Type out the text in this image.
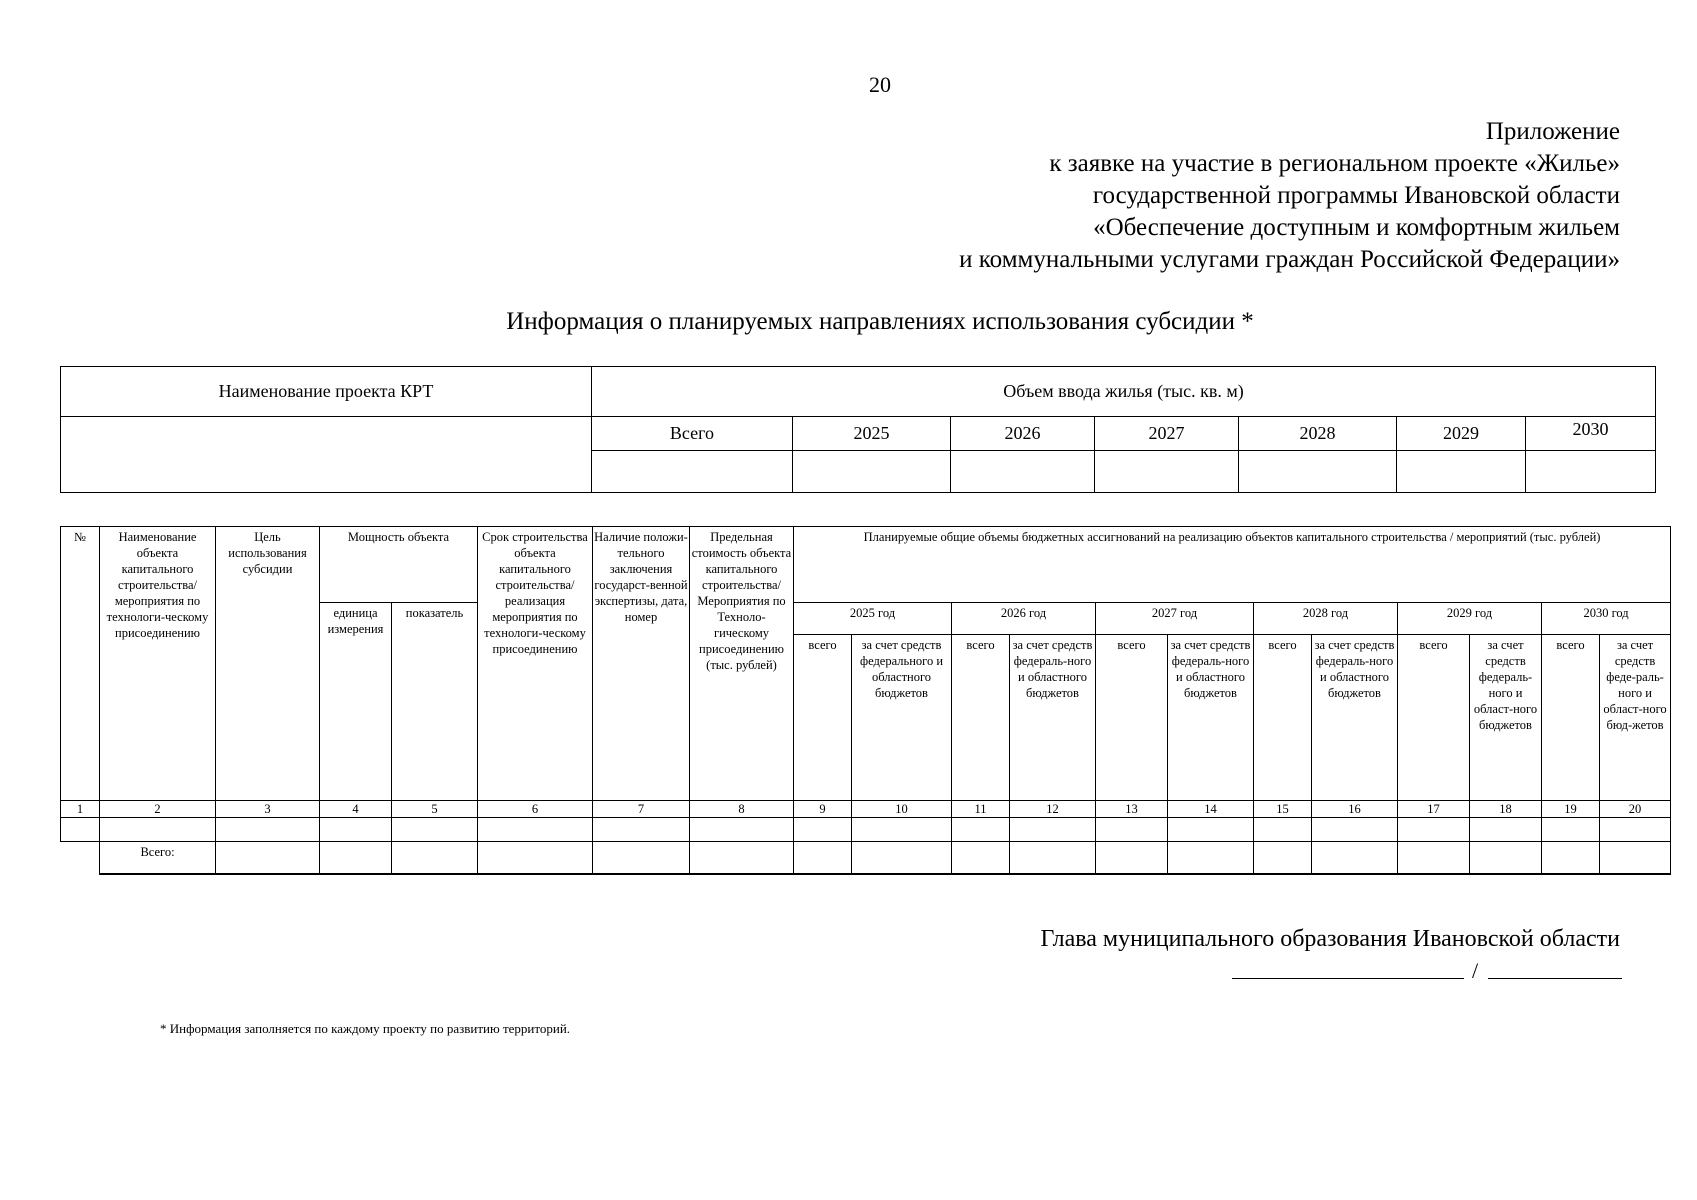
20
Приложение
к заявке на участие в региональном проекте «Жилье»
государственной программы Ивановской области
«Обеспечение доступным и комфортным жильем
и коммунальными услугами граждан Российской Федерации»
Информация о планируемых направлениях использования субсидии *
Наименование проекта КРТ	Объем ввода жилья (тыс. кв. м)						
	Всего	2025	2026	2027	2028	2029	2030

№	Наименование объекта капитального строительства/ мероприятия по технологи-ческому присоединению	Цель использования субсидии	Мощность объекта		Срок строительства объекта капитального строительства/ реализация мероприятия по технологи-ческому присоединению	Наличие положи-тельного заключения государст-венной экспертизы, дата, номер	Предельная стоимость объекта капитального строительства/ Мероприятия по Техноло-гическому присоединению (тыс. рублей)	Планируемые общие объемы бюджетных ассигнований на реализацию объектов капитального строительства / мероприятий (тыс. рублей)											
			единица измерения	показатель				2025 год		2026 год		2027 год		2028 год		2029 год		2030 год	
								всего	за счет средств федерального и областного бюджетов	всего	за счет средств федераль-ного и областного бюджетов	всего	за счет средств федераль-ного и областного бюджетов	всего	за счет средств федераль-ного и областного бюджетов	всего	за счет средств федераль-ного и област-ного бюджетов	всего	за счет средств феде-раль-ного и област-ного бюд-жетов
1	2	3	4	5	6	7	8	9	10	11	12	13	14	15	16	17	18	19	20

	Всего:																		
Глава муниципального образования Ивановской области
/
* Информация заполняется по каждому проекту по развитию территорий.
